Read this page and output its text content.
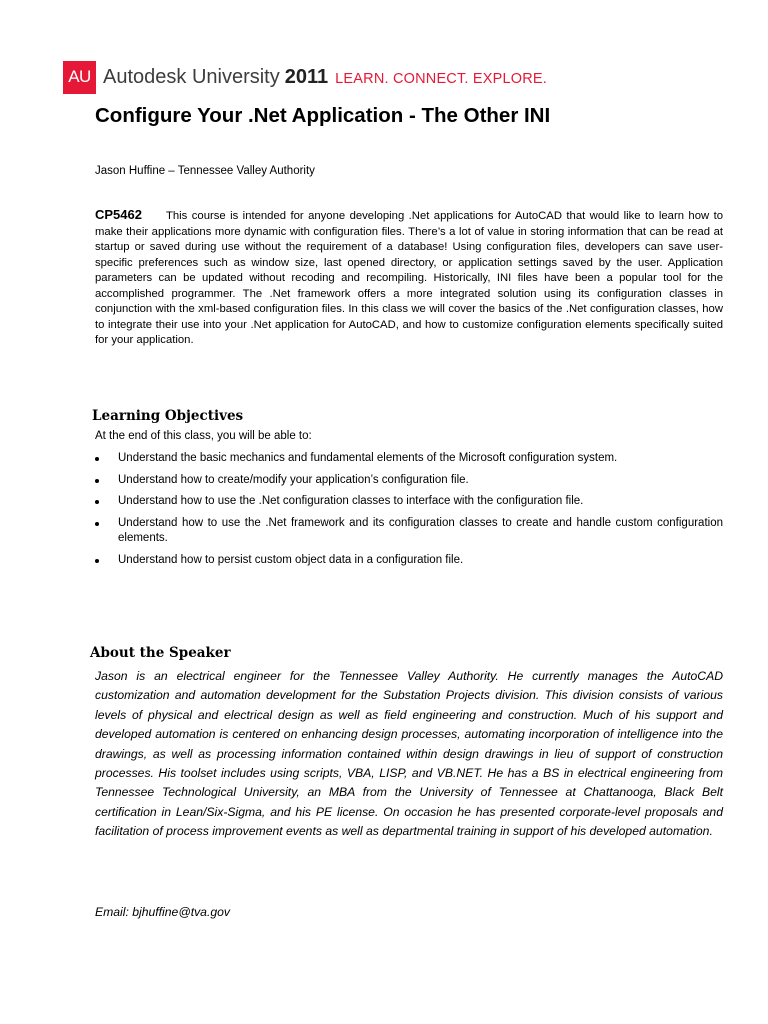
AU Autodesk University 2011 LEARN. CONNECT. EXPLORE.
Configure Your .Net Application - The Other INI

Jason Huffine – Tennessee Valley Authority

CP5462 This course is intended for anyone developing .Net applications for AutoCAD that would like to learn how to make their applications more dynamic with configuration files. There’s a lot of value in storing information that can be read at startup or saved during use without the requirement of a database! Using configuration files, developers can save user-specific preferences such as window size, last opened directory, or application settings saved by the user. Application parameters can be updated without recoding and recompiling. Historically, INI files have been a popular tool for the accomplished programmer. The .Net framework offers a more integrated solution using its configuration classes in conjunction with the xml-based configuration files. In this class we will cover the basics of the .Net configuration classes, how to integrate their use into your .Net application for AutoCAD, and how to customize configuration elements specifically suited for your application.

Learning Objectives

At the end of this class, you will be able to:

Understand the basic mechanics and fundamental elements of the Microsoft configuration system.
Understand how to create/modify your application’s configuration file.
Understand how to use the .Net configuration classes to interface with the configuration file.
Understand how to use the .Net framework and its configuration classes to create and handle custom configuration elements.
Understand how to persist custom object data in a configuration file.
About the Speaker

Jason is an electrical engineer for the Tennessee Valley Authority. He currently manages the AutoCAD customization and automation development for the Substation Projects division. This division consists of various levels of physical and electrical design as well as field engineering and construction. Much of his support and developed automation is centered on enhancing design processes, automating incorporation of intelligence into the drawings, as well as processing information contained within design drawings in lieu of support of construction processes. His toolset includes using scripts, VBA, LISP, and VB.NET. He has a BS in electrical engineering from Tennessee Technological University, an MBA from the University of Tennessee at Chattanooga, Black Belt certification in Lean/Six-Sigma, and his PE license. On occasion he has presented corporate-level proposals and facilitation of process improvement events as well as departmental training in support of his developed automation.

Email: bjhuffine@tva.gov
